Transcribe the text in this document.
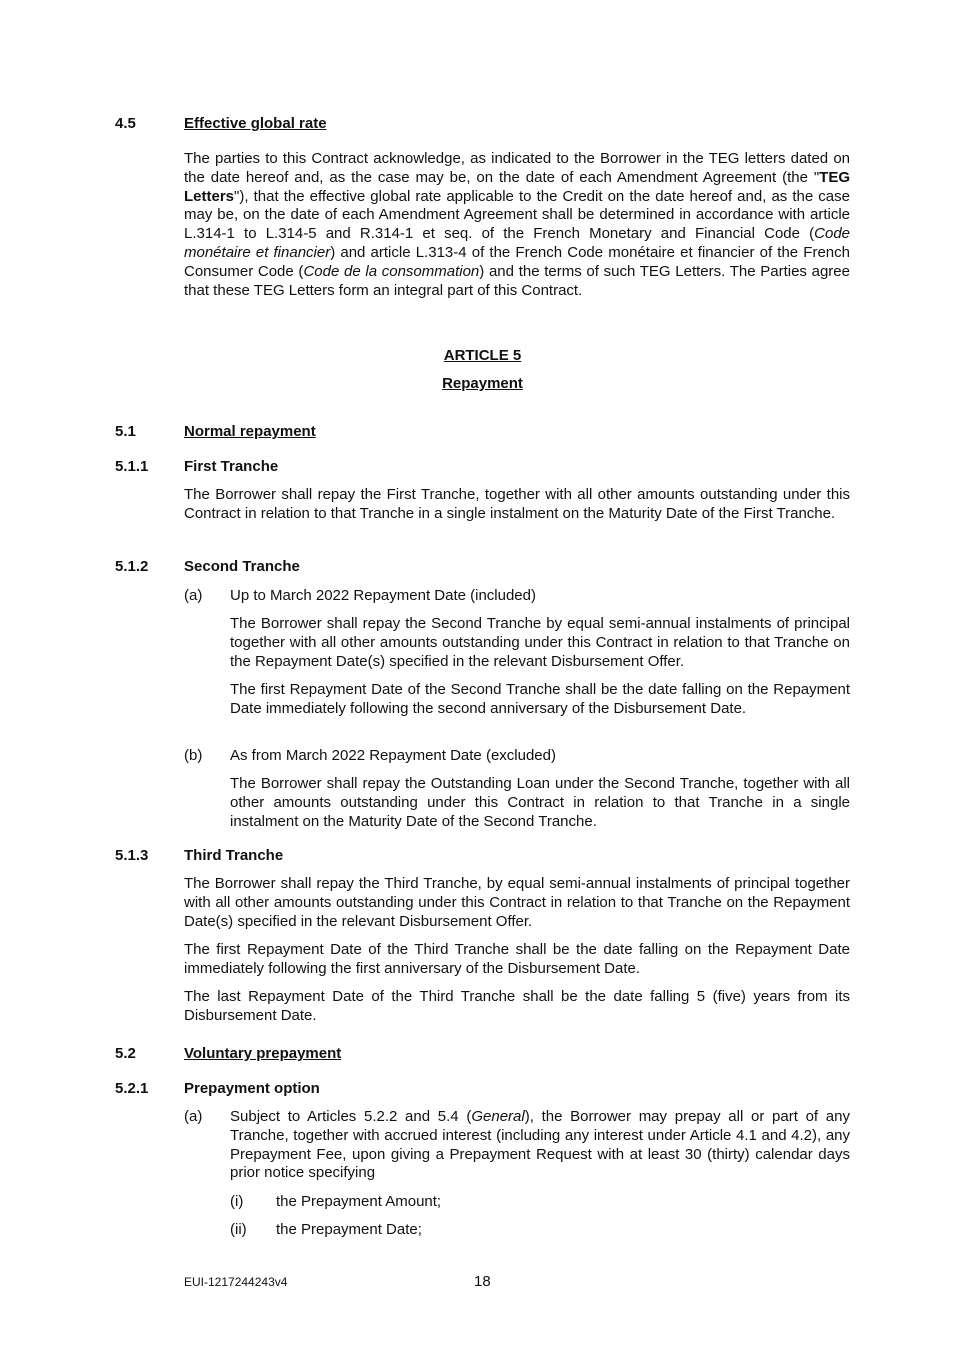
4.5	Effective global rate
The parties to this Contract acknowledge, as indicated to the Borrower in the TEG letters dated on the date hereof and, as the case may be, on the date of each Amendment Agreement (the "TEG Letters"), that the effective global rate applicable to the Credit on the date hereof and, as the case may be, on the date of each Amendment Agreement shall be determined in accordance with article L.314-1 to L.314-5 and R.314-1 et seq. of the French Monetary and Financial Code (Code monétaire et financier) and article L.313-4 of the French Code monétaire et financier of the French Consumer Code (Code de la consommation) and the terms of such TEG Letters. The Parties agree that these TEG Letters form an integral part of this Contract.
ARTICLE 5
Repayment
5.1	Normal repayment
5.1.1 First Tranche
The Borrower shall repay the First Tranche, together with all other amounts outstanding under this Contract in relation to that Tranche in a single instalment on the Maturity Date of the First Tranche.
5.1.2 Second Tranche
(a) Up to March 2022 Repayment Date (included)
The Borrower shall repay the Second Tranche by equal semi-annual instalments of principal together with all other amounts outstanding under this Contract in relation to that Tranche on the Repayment Date(s) specified in the relevant Disbursement Offer.
The first Repayment Date of the Second Tranche shall be the date falling on the Repayment Date immediately following the second anniversary of the Disbursement Date.
(b) As from March 2022 Repayment Date (excluded)
The Borrower shall repay the Outstanding Loan under the Second Tranche, together with all other amounts outstanding under this Contract in relation to that Tranche in a single instalment on the Maturity Date of the Second Tranche.
5.1.3 Third Tranche
The Borrower shall repay the Third Tranche, by equal semi-annual instalments of principal together with all other amounts outstanding under this Contract in relation to that Tranche on the Repayment Date(s) specified in the relevant Disbursement Offer.
The first Repayment Date of the Third Tranche shall be the date falling on the Repayment Date immediately following the first anniversary of the Disbursement Date.
The last Repayment Date of the Third Tranche shall be the date falling 5 (five) years from its Disbursement Date.
5.2	Voluntary prepayment
5.2.1 Prepayment option
(a) Subject to Articles 5.2.2 and 5.4 (General), the Borrower may prepay all or part of any Tranche, together with accrued interest (including any interest under Article 4.1 and 4.2), any Prepayment Fee, upon giving a Prepayment Request with at least 30 (thirty) calendar days prior notice specifying
(i) the Prepayment Amount;
(ii) the Prepayment Date;
EUI-1217244243v4	18
